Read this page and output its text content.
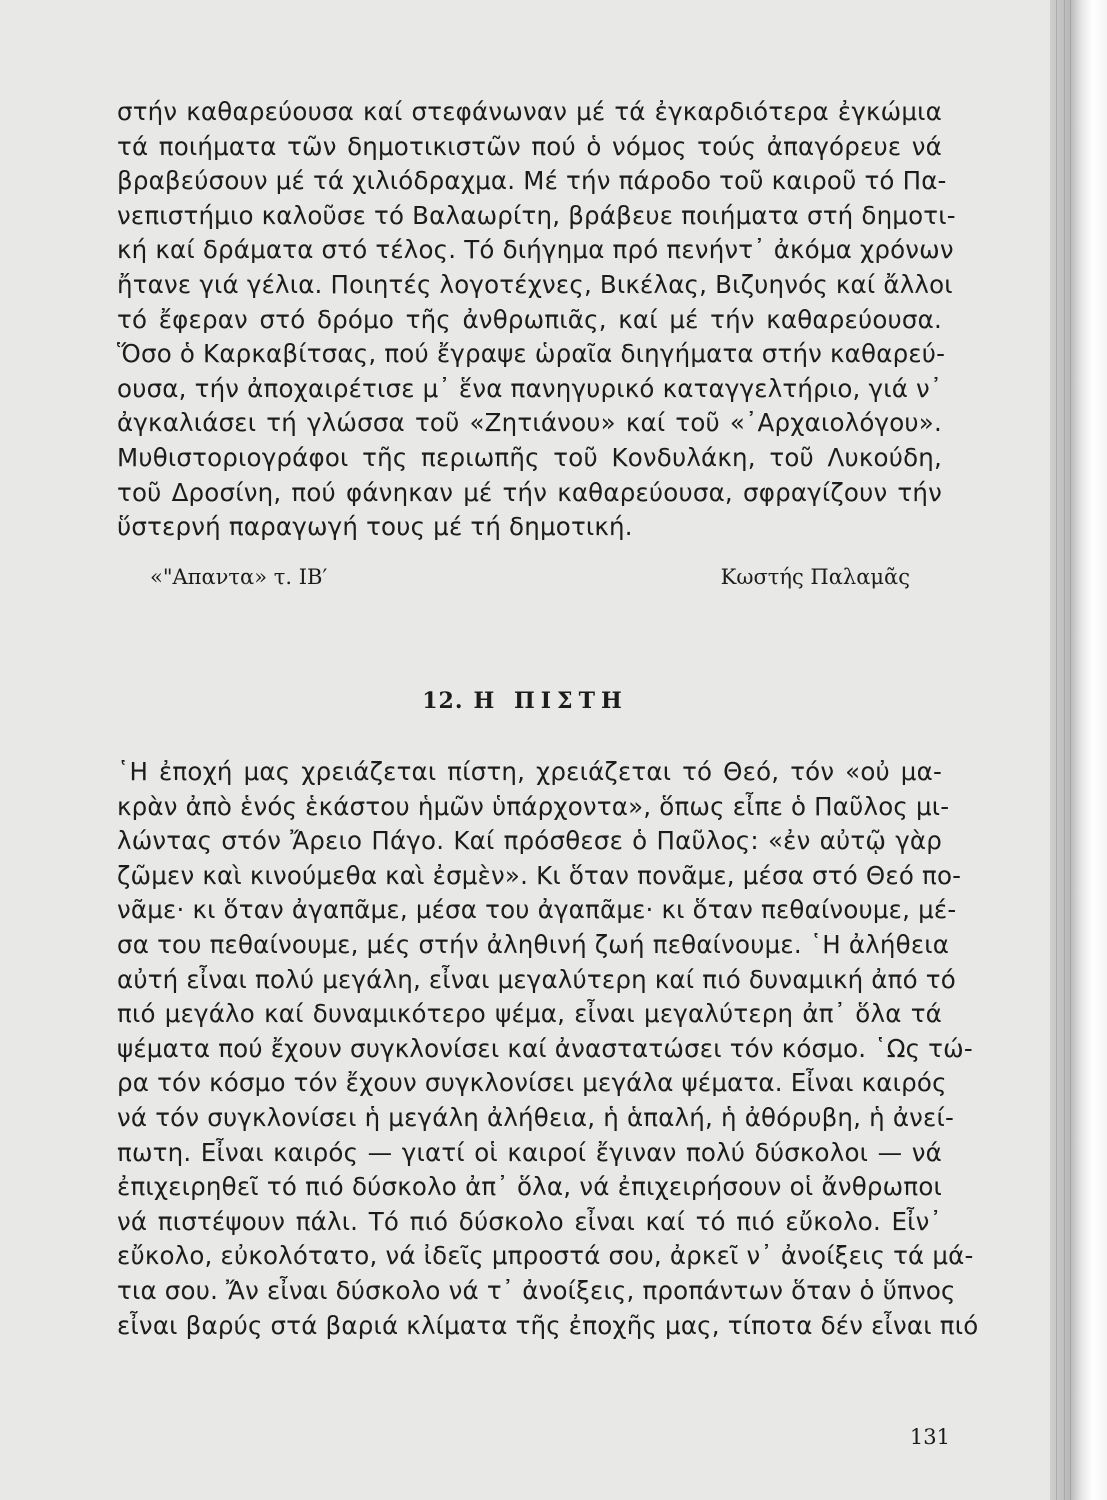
στήν καθαρεύουσα καί στεφάνωναν μέ τά ἐγκαρδιότερα ἐγκώμια
τά ποιήματα τῶν δημοτικιστῶν πού ὁ νόμος τούς ἀπαγόρευε νά
βραβεύσουν μέ τά χιλιόδραχμα. Μέ τήν πάροδο τοῦ καιροῦ τό Πα-
νεπιστήμιο καλοῦσε τό Βαλαωρίτη, βράβευε ποιήματα στή δημοτι-
κή καί δράματα στό τέλος. Τό διήγημα πρό πενήντ᾿ ἀκόμα χρόνων
ἤτανε γιά γέλια. Ποιητές λογοτέχνες, Βικέλας, Βιζυηνός καί ἄλλοι
τό ἔφεραν στό δρόμο τῆς ἀνθρωπιᾶς, καί μέ τήν καθαρεύουσα.
Ὅσο ὁ Καρκαβίτσας, πού ἔγραψε ὡραῖα διηγήματα στήν καθαρεύ-
ουσα, τήν ἀποχαιρέτισε μ᾿ ἕνα πανηγυρικό καταγγελτήριο, γιά ν᾿
ἀγκαλιάσει τή γλώσσα τοῦ «Ζητιάνου» καί τοῦ «᾿Αρχαιολόγου».
Μυθιστοριογράφοι τῆς περιωπῆς τοῦ Κονδυλάκη, τοῦ Λυκούδη,
τοῦ Δροσίνη, πού φάνηκαν μέ τήν καθαρεύουσα, σφραγίζουν τήν
ὕστερνή παραγωγή τους μέ τή δημοτική.
«"Απαντα» τ. ΙΒ′	Κωστής Παλαμᾶς
12. Η ΠΙΣΤΗ
῾Η ἐποχή μας χρειάζεται πίστη, χρειάζεται τό Θεό, τόν «οὐ μα-
κρὰν ἀπὸ ἑνός ἑκάστου ἡμῶν ὑπάρχοντα», ὅπως εἶπε ὁ Παῦλος μι-
λώντας στόν Ἄρειο Πάγο. Καί πρόσθεσε ὁ Παῦλος: «ἐν αὐτῷ γὰρ
ζῶμεν καὶ κινούμεθα καὶ ἐσμὲν». Κι ὅταν πονᾶμε, μέσα στό Θεό πο-
νᾶμε· κι ὅταν ἀγαπᾶμε, μέσα του ἀγαπᾶμε· κι ὅταν πεθαίνουμε, μέ-
σα του πεθαίνουμε, μές στήν ἀληθινή ζωή πεθαίνουμε. ῾Η ἀλήθεια
αὐτή εἶναι πολύ μεγάλη, εἶναι μεγαλύτερη καί πιό δυναμική ἀπό τό
πιό μεγάλο καί δυναμικότερο ψέμα, εἶναι μεγαλύτερη ἀπ᾿ ὅλα τά
ψέματα πού ἔχουν συγκλονίσει καί ἀναστατώσει τόν κόσμο. ῾Ως τώ-
ρα τόν κόσμο τόν ἔχουν συγκλονίσει μεγάλα ψέματα. Εἶναι καιρός
νά τόν συγκλονίσει ἡ μεγάλη ἀλήθεια, ἡ ἁπαλή, ἡ ἀθόρυβη, ἡ ἀνεί-
πωτη. Εἶναι καιρός — γιατί οἱ καιροί ἔγιναν πολύ δύσκολοι — νά
ἐπιχειρηθεῖ τό πιό δύσκολο ἀπ᾿ ὅλα, νά ἐπιχειρήσουν οἱ ἄνθρωποι
νά πιστέψουν πάλι. Τό πιό δύσκολο εἶναι καί τό πιό εὔκολο. Εἶν᾿
εὔκολο, εὐκολότατο, νά ἰδεῖς μπροστά σου, ἀρκεῖ ν᾿ ἀνοίξεις τά μά-
τια σου. Ἄν εἶναι δύσκολο νά τ᾿ ἀνοίξεις, προπάντων ὅταν ὁ ὕπνος
εἶναι βαρύς στά βαριά κλίματα τῆς ἐποχῆς μας, τίποτα δέν εἶναι πιό
131
